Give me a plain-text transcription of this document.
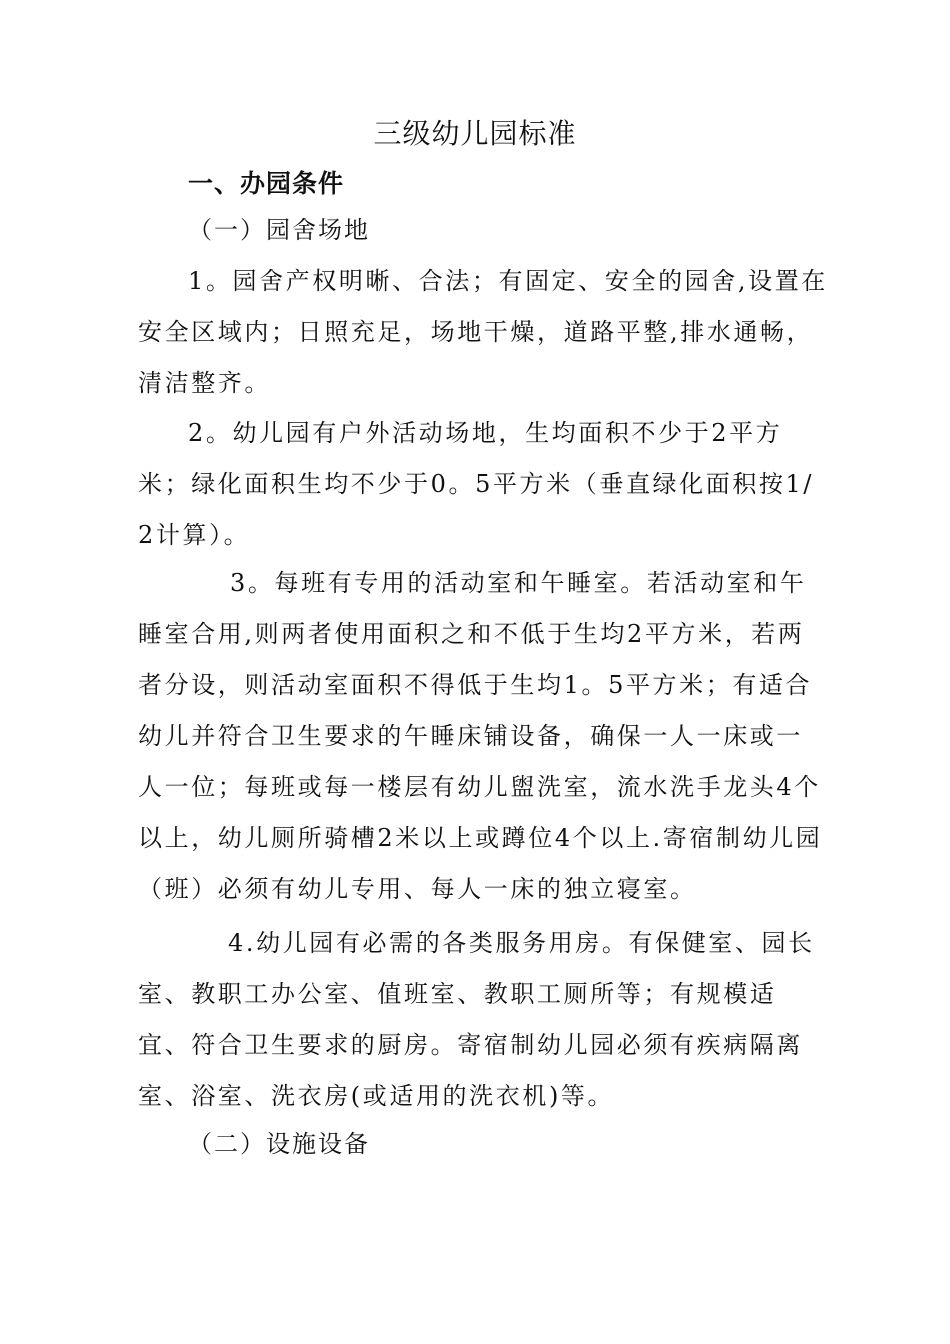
三级幼儿园标准
一、办园条件
（一）园舍场地

1。园舍产权明晰、合法；有固定、安全的园舍,设置在安全区域内；日照充足，场地干燥，道路平整,排水通畅，清洁整齐。

2。幼儿园有户外活动场地，生均面积不少于2平方米；绿化面积生均不少于0。5平方米（垂直绿化面积按1/2计算）。

3。每班有专用的活动室和午睡室。若活动室和午睡室合用,则两者使用面积之和不低于生均2平方米，若两者分设，则活动室面积不得低于生均1。5平方米；有适合幼儿并符合卫生要求的午睡床铺设备，确保一人一床或一人一位；每班或每一楼层有幼儿盥洗室，流水洗手龙头4个以上，幼儿厕所骑槽2米以上或蹲位4个以上.寄宿制幼儿园（班）必须有幼儿专用、每人一床的独立寝室。

4.幼儿园有必需的各类服务用房。有保健室、园长室、教职工办公室、值班室、教职工厕所等；有规模适宜、符合卫生要求的厨房。寄宿制幼儿园必须有疾病隔离室、浴室、洗衣房(或适用的洗衣机)等。

（二）设施设备
